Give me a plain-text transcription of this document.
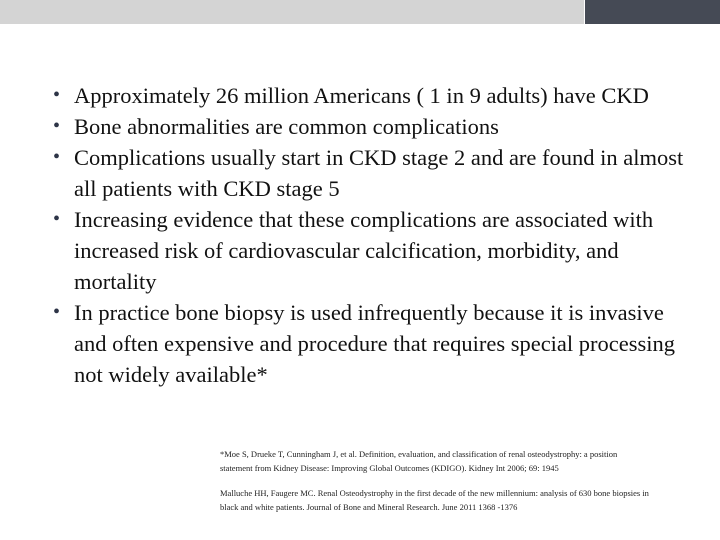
• Approximately 26 million Americans ( 1 in 9 adults) have CKD
• Bone abnormalities are common complications
• Complications usually start in CKD stage 2 and are found in almost all patients with CKD stage 5
• Increasing evidence that these complications are associated with increased risk of cardiovascular calcification, morbidity, and mortality
• In practice bone biopsy is used infrequently because it is invasive and often expensive and procedure that requires special processing not widely available*
*Moe S, Drueke T, Cunningham J, et al. Definition, evaluation, and classification of renal osteodystrophy: a position statement from Kidney Disease: Improving Global Outcomes (KDIGO). Kidney Int 2006; 69: 1945
Malluche HH, Faugere MC. Renal Osteodystrophy in the first decade of the new millennium: analysis of 630 bone biopsies in black and white patients. Journal of Bone and Mineral Research. June 2011 1368 -1376
